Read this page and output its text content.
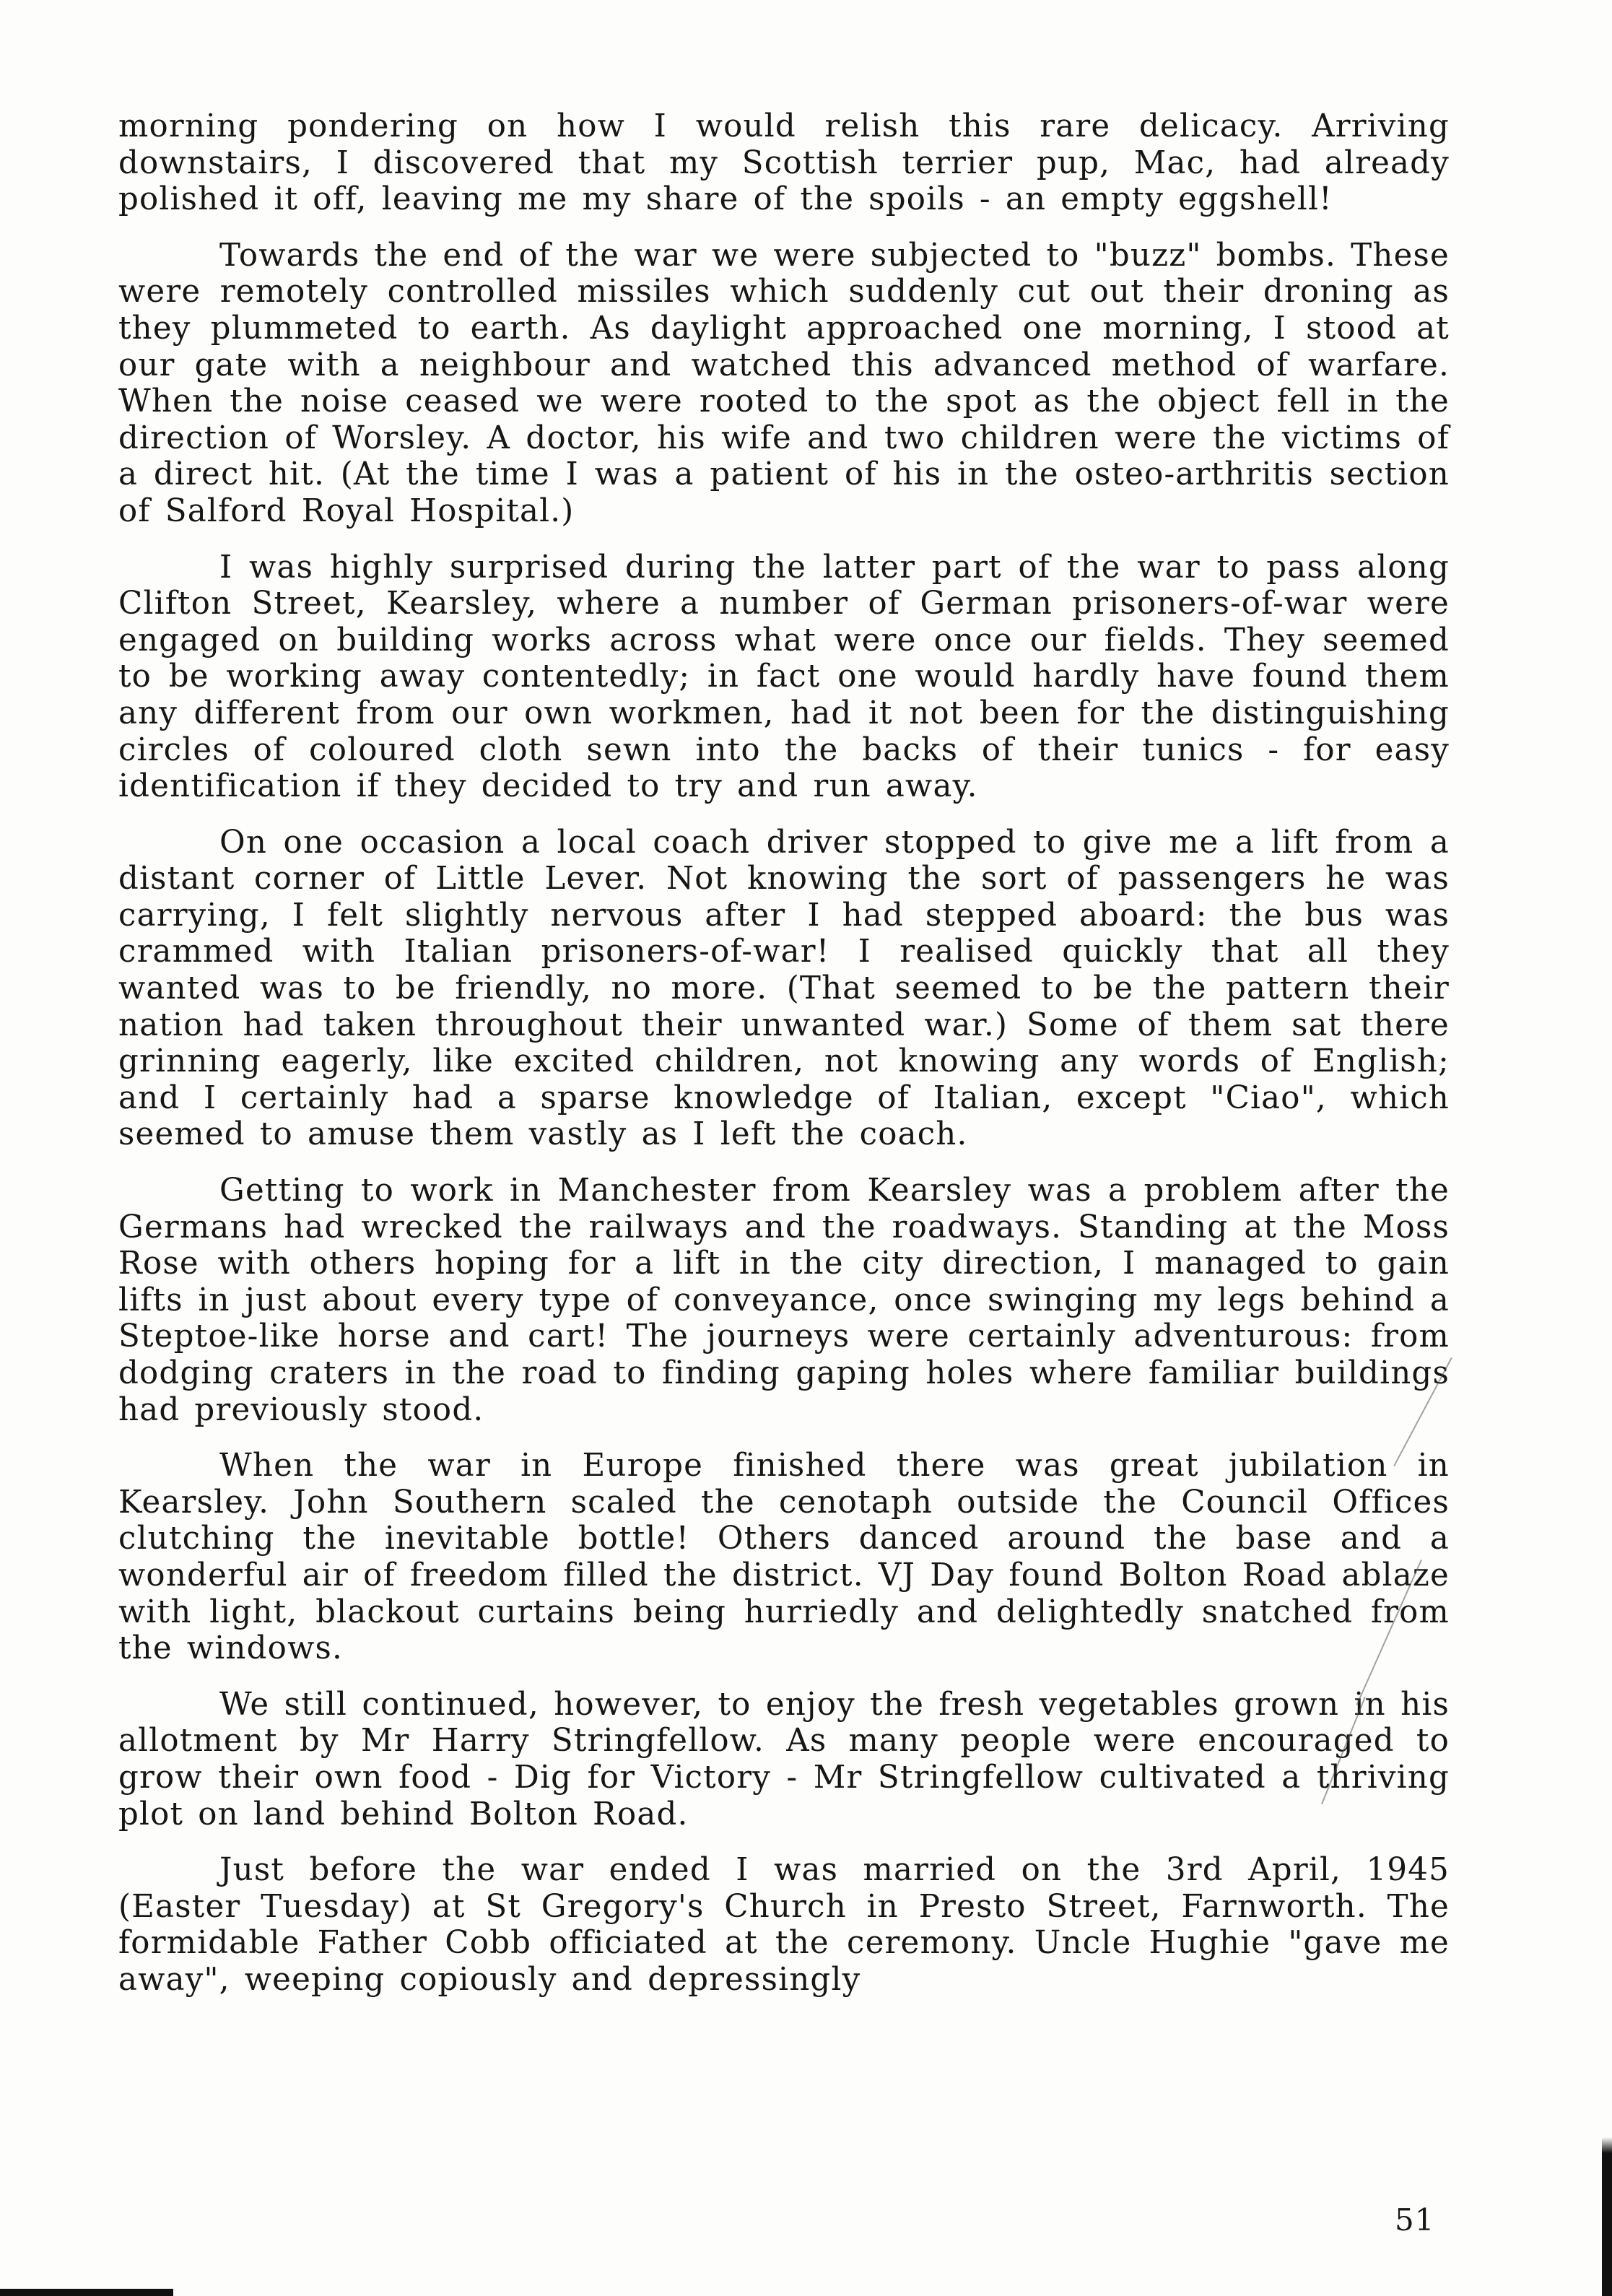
morning pondering on how I would relish this rare delicacy. Arriving downstairs, I discovered that my Scottish terrier pup, Mac, had already polished it off, leaving me my share of the spoils - an empty eggshell!

Towards the end of the war we were subjected to "buzz" bombs. These were remotely controlled missiles which suddenly cut out their droning as they plummeted to earth. As daylight approached one morning, I stood at our gate with a neighbour and watched this advanced method of warfare. When the noise ceased we were rooted to the spot as the object fell in the direction of Worsley. A doctor, his wife and two children were the victims of a direct hit. (At the time I was a patient of his in the osteo-arthritis section of Salford Royal Hospital.)

I was highly surprised during the latter part of the war to pass along Clifton Street, Kearsley, where a number of German prisoners-of-war were engaged on building works across what were once our fields. They seemed to be working away contentedly; in fact one would hardly have found them any different from our own workmen, had it not been for the distinguishing circles of coloured cloth sewn into the backs of their tunics - for easy identification if they decided to try and run away.

On one occasion a local coach driver stopped to give me a lift from a distant corner of Little Lever. Not knowing the sort of passengers he was carrying, I felt slightly nervous after I had stepped aboard: the bus was crammed with Italian prisoners-of-war! I realised quickly that all they wanted was to be friendly, no more. (That seemed to be the pattern their nation had taken throughout their unwanted war.) Some of them sat there grinning eagerly, like excited children, not knowing any words of English; and I certainly had a sparse knowledge of Italian, except "Ciao", which seemed to amuse them vastly as I left the coach.

Getting to work in Manchester from Kearsley was a problem after the Germans had wrecked the railways and the roadways. Standing at the Moss Rose with others hoping for a lift in the city direction, I managed to gain lifts in just about every type of conveyance, once swinging my legs behind a Steptoe-like horse and cart! The journeys were certainly adventurous: from dodging craters in the road to finding gaping holes where familiar buildings had previously stood.

When the war in Europe finished there was great jubilation in Kearsley. John Southern scaled the cenotaph outside the Council Offices clutching the inevitable bottle! Others danced around the base and a wonderful air of freedom filled the district. VJ Day found Bolton Road ablaze with light, blackout curtains being hurriedly and delightedly snatched from the windows.

We still continued, however, to enjoy the fresh vegetables grown in his allotment by Mr Harry Stringfellow. As many people were encouraged to grow their own food - Dig for Victory - Mr Stringfellow cultivated a thriving plot on land behind Bolton Road.

Just before the war ended I was married on the 3rd April, 1945 (Easter Tuesday) at St Gregory's Church in Presto Street, Farnworth. The formidable Father Cobb officiated at the ceremony. Uncle Hughie "gave me away", weeping copiously and depressingly

51
